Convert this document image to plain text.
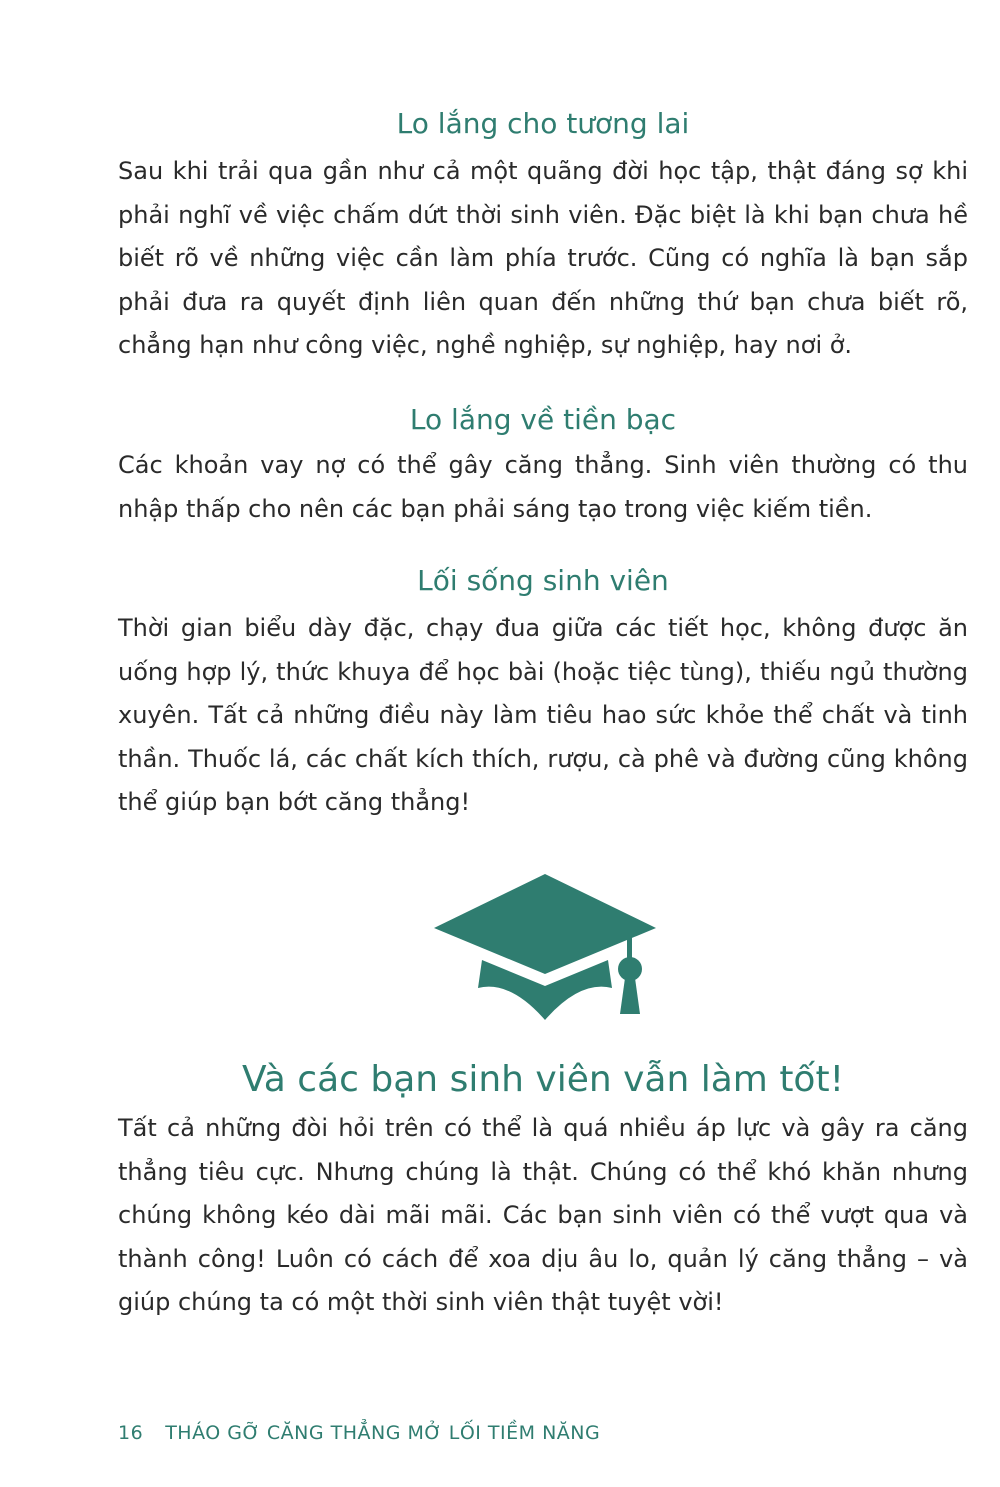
Lo lắng cho tương lai

Sau khi trải qua gần như cả một quãng đời học tập, thật đáng sợ khi phải nghĩ về việc chấm dứt thời sinh viên. Đặc biệt là khi bạn chưa hề biết rõ về những việc cần làm phía trước. Cũng có nghĩa là bạn sắp phải đưa ra quyết định liên quan đến những thứ bạn chưa biết rõ, chẳng hạn như công việc, nghề nghiệp, sự nghiệp, hay nơi ở.

Lo lắng về tiền bạc

Các khoản vay nợ có thể gây căng thẳng. Sinh viên thường có thu nhập thấp cho nên các bạn phải sáng tạo trong việc kiếm tiền.

Lối sống sinh viên

Thời gian biểu dày đặc, chạy đua giữa các tiết học, không được ăn uống hợp lý, thức khuya để học bài (hoặc tiệc tùng), thiếu ngủ thường xuyên. Tất cả những điều này làm tiêu hao sức khỏe thể chất và tinh thần. Thuốc lá, các chất kích thích, rượu, cà phê và đường cũng không thể giúp bạn bớt căng thẳng!

Và các bạn sinh viên vẫn làm tốt!

Tất cả những đòi hỏi trên có thể là quá nhiều áp lực và gây ra căng thẳng tiêu cực. Nhưng chúng là thật. Chúng có thể khó khăn nhưng chúng không kéo dài mãi mãi. Các bạn sinh viên có thể vượt qua và thành công! Luôn có cách để xoa dịu âu lo, quản lý căng thẳng – và giúp chúng ta có một thời sinh viên thật tuyệt vời!

16 THÁO GỠ CĂNG THẲNG MỞ LỐI TIỀM NĂNG
